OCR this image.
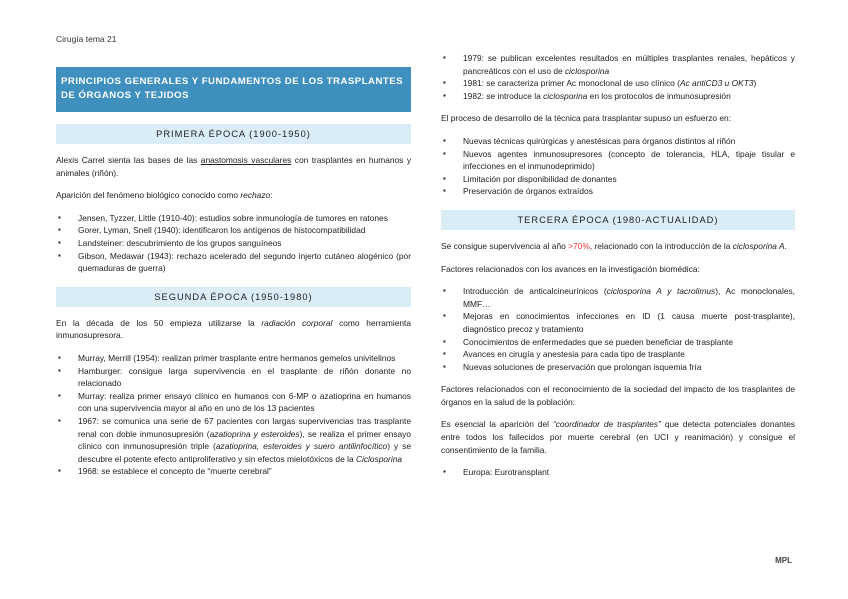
Cirugía tema 21
MPL
PRINCIPIOS GENERALES Y FUNDAMENTOS DE LOS TRASPLANTES DE ÓRGANOS Y TEJIDOS
PRIMERA ÉPOCA (1900-1950)

Alexis Carrel sienta las bases de las anastomosis vasculares con trasplantes en humanos y animales (riñón).

Aparición del fenómeno biológico conocido como rechazo:

▪ Jensen, Tyzzer, Little (1910-40): estudios sobre inmunología de tumores en ratones
▪ Gorer, Lyman, Snell (1940): identificaron los antígenos de histocompatibilidad
▪ Landsteiner: descubrimiento de los grupos sanguíneos
▪ Gibson, Medawar (1943): rechazo acelerado del segundo injerto cutáneo alogénico (por quemaduras de guerra)
SEGUNDA ÉPOCA (1950-1980)

En la década de los 50 empieza utilizarse la radiación corporal como herramienta inmunosupresora.

▪ Murray, Merrill (1954): realizan primer trasplante entre hermanos gemelos univitelinos
▪ Hamburger: consigue larga supervivencia en el trasplante de riñón donante no relacionado
▪ Murray: realiza primer ensayo clínico en humanos con 6-MP o azatioprina en humanos con una supervivencia mayor al año en uno de los 13 pacientes
▪ 1967: se comunica una serie de 67 pacientes con largas supervivencias tras trasplante renal con doble inmunosupresión (azatioprina y esteroides), se realiza el primer ensayo clínico con inmunosupresión triple (azatioprina, esteroides y suero antilinfocítico) y se descubre el potente efecto antiproliferativo y sin efectos mielotóxicos de la Ciclosporina
▪ 1968: se establece el concepto de “muerte cerebral”
▪ 1979: se publican excelentes resultados en múltiples trasplantes renales, hepáticos y pancreáticos con el uso de ciclosporina
▪ 1981: se caracteriza primer Ac monoclonal de uso clínico (Ac antiCD3 u OKT3)
▪ 1982: se introduce la ciclosporina en los protocolos de inmunosupresión

El proceso de desarrollo de la técnica para trasplantar supuso un esfuerzo en:

▪ Nuevas técnicas quirúrgicas y anestésicas para órganos distintos al riñón
▪ Nuevos agentes inmunosupresores (concepto de tolerancia, HLA, tipaje tisular e infecciones en el inmunodeprimido)
▪ Limitación por disponibilidad de donantes
▪ Preservación de órganos extraídos
TERCERA ÉPOCA (1980-ACTUALIDAD)

Se consigue supervivencia al año >70%, relacionado con la introducción de la ciclosporina A.

Factores relacionados con los avances en la investigación biomédica:

▪ Introducción de anticalcineurínicos (ciclosporina A y tacrolimus), Ac monoclonales, MMF…
▪ Mejoras en conocimientos infecciones en ID (1 causa muerte post-trasplante), diagnóstico precoz y tratamiento
▪ Conocimientos de enfermedades que se pueden beneficiar de trasplante
▪ Avances en cirugía y anestesia para cada tipo de trasplante
▪ Nuevas soluciones de preservación que prolongan isquemia fría

Factores relacionados con el reconocimiento de la sociedad del impacto de los trasplantes de órganos en la salud de la población:

Es esencial la aparición del “coordinador de trasplantes” que detecta potenciales donantes entre todos los fallecidos por muerte cerebral (en UCI y reanimación) y consigue el consentimiento de la familia.

▪ Europa: Eurotransplant
